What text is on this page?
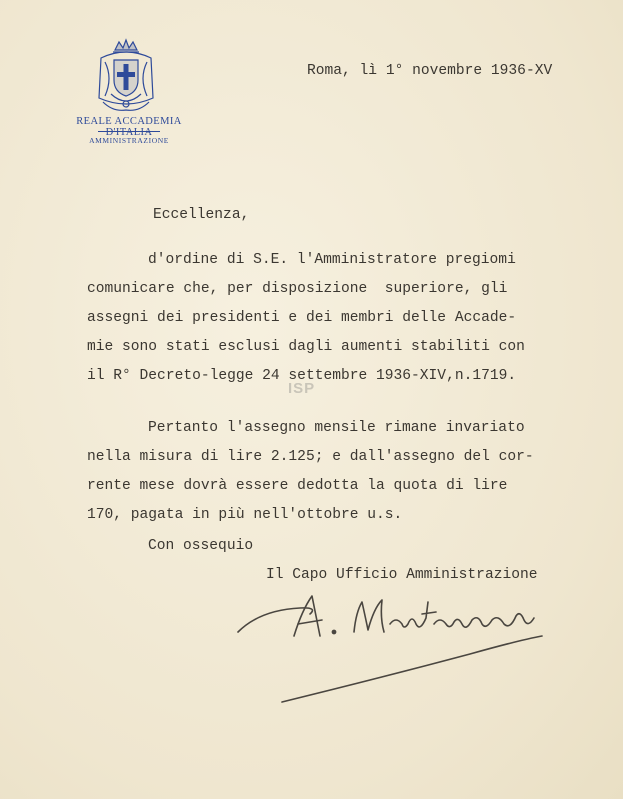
REALE ACCADEMIA D'ITALIA
AMMINISTRAZIONE
Roma, lì 1° novembre 1936-XV
Eccellenza,
d'ordine di S.E. l'Amministratore pregiomi
comunicare che, per disposizione  superiore, gli
assegni dei presidenti e dei membri delle Accade-
mie sono stati esclusi dagli aumenti stabiliti con
il R° Decreto-legge 24 settembre 1936-XIV,n.1719.
Pertanto l'assegno mensile rimane invariato
nella misura di lire 2.125; e dall'assegno del cor-
rente mese dovrà essere dedotta la quota di lire
170, pagata in più nell'ottobre u.s.
ISP
Con ossequio
Il Capo Ufficio Amministrazione
